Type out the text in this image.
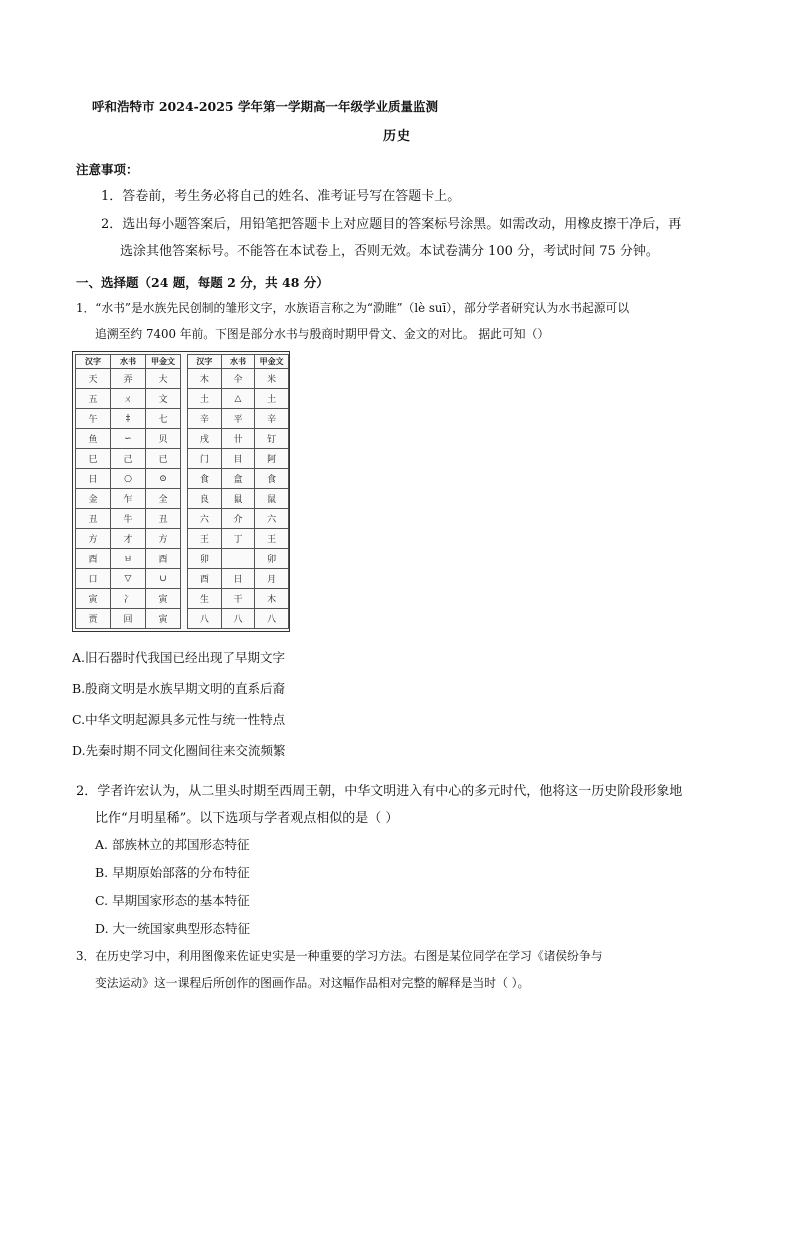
呼和浩特市 2024-2025 学年第一学期高一年级学业质量监测
历史
注意事项：
1．答卷前，考生务必将自己的姓名、准考证号写在答题卡上。
2．选出每小题答案后，用铅笔把答题卡上对应题目的答案标号涂黑。如需改动，用橡皮擦干净后，再
选涂其他答案标号。不能答在本试卷上，否则无效。本试卷满分 100 分，考试时间 75 分钟。
一、选择题（24 题，每题 2 分，共 48 分）
1．“水书”是水族先民创制的雏形文字，水族语言称之为“泐睢”（lè suī），部分学者研究认为水书起源可以
追溯至约 7400 年前。下图是部分水书与殷商时期甲骨文、金文的对比。 据此可知（）
汉字	水书	甲金文
天	弄	大
五	ㄨ	文
午	‡	七
鱼	∽	贝
巳	己	已
日	○	⊙
金	乍	全
丑	牛	丑
方	才	方
酉	ㅂ	酉
口	▽	∪
寅	冫	寅
贾	回	寅
汉字	水书	甲金文
木	仐	米
土	△	土
辛	平	辛
戌	卄	钉
门	目	阿
食	盒	食
良	鼠	鼠
六	介	六
王	丁	王
卯		卯
酉	日	月
生	干	木
八	八	八
A.旧石器时代我国已经出现了早期文字
B.殷商文明是水族早期文明的直系后裔
C.中华文明起源具多元性与统一性特点
D.先秦时期不同文化圈间往来交流频繁
2．学者许宏认为，从二里头时期至西周王朝，中华文明进入有中心的多元时代，他将这一历史阶段形象地
比作“月明星稀”。以下选项与学者观点相似的是（ ）
A. 部族林立的邦国形态特征
B. 早期原始部落的分布特征
C. 早期国家形态的基本特征
D. 大一统国家典型形态特征
3．在历史学习中，利用图像来佐证史实是一种重要的学习方法。右图是某位同学在学习《诸侯纷争与
变法运动》这一课程后所创作的图画作品。对这幅作品相对完整的解释是当时（ ）。
